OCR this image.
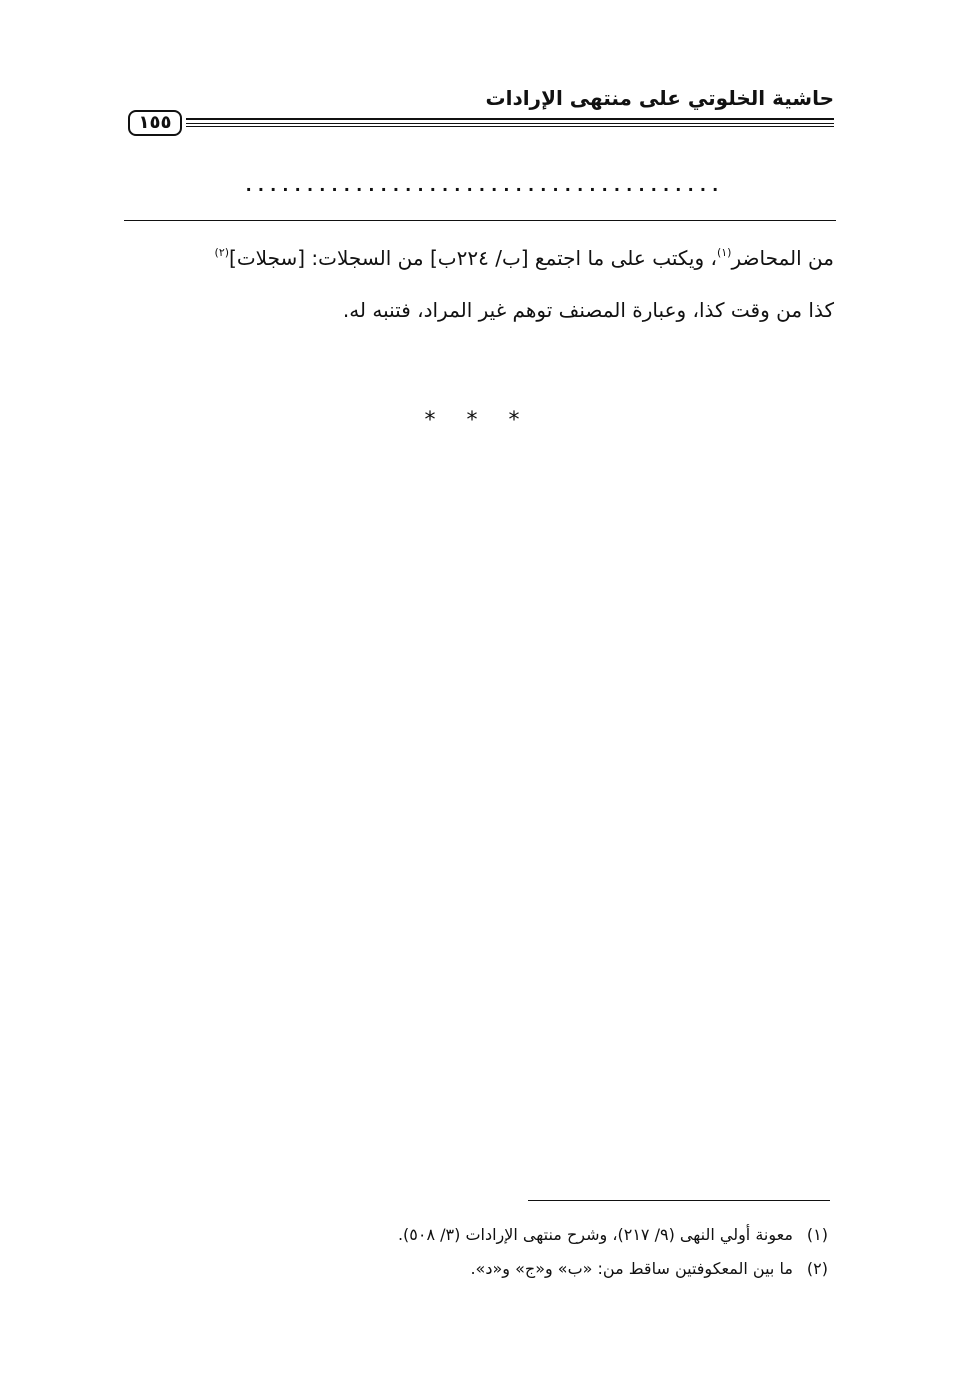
حاشية الخلوتي على منتهى الإرادات
١٥٥
.......................................

من المحاضر$^{(١)}$، ويكتب على ما اجتمع [ب/ ٢٢٤ب] من السجلات: [سجلات]$^{(٢)}$

كذا من وقت كذا، وعبارة المصنف توهم غير المراد، فتنبه له.

* * *
(١)معونة أولي النهى (٩/ ٢١٧)، وشرح منتهى الإرادات (٣/ ٥٠٨).
(٢)ما بين المعكوفتين ساقط من: «ب» و«ج» و«د».
